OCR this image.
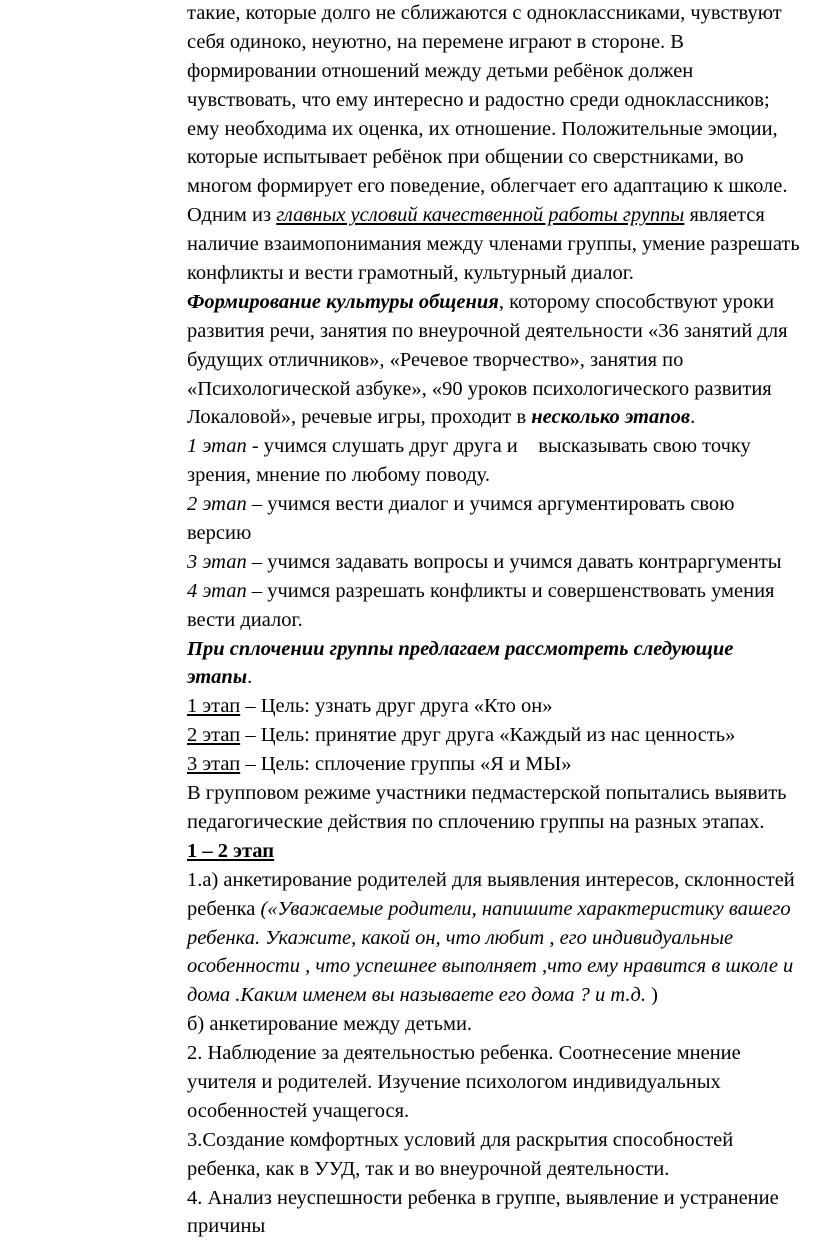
такие, которые долго не сближаются с одноклассниками, чувствуют
себя одиноко, неуютно, на перемене играют в стороне. В
формировании отношений между детьми ребёнок должен
чувствовать, что ему интересно и радостно среди одноклассников;
ему необходима их оценка, их отношение. Положительные эмоции,
которые испытывает ребёнок при общении со сверстниками, во
многом формирует его поведение, облегчает его адаптацию к школе.
Одним из главных условий качественной работы группы является
наличие взаимопонимания между членами группы, умение разрешать
конфликты и вести грамотный, культурный диалог.
Формирование культуры общения, которому способствуют уроки
развития речи, занятия по внеурочной деятельности «36 занятий для
будущих отличников», «Речевое творчество», занятия по
«Психологической азбуке», «90 уроков психологического развития
Локаловой», речевые игры, проходит в несколько этапов.
1 этап - учимся слушать друг друга и    высказывать свою точку
зрения, мнение по любому поводу.
2 этап – учимся вести диалог и учимся аргументировать свою
версию
3 этап – учимся задавать вопросы и учимся давать контраргументы
4 этап – учимся разрешать конфликты и совершенствовать умения
вести диалог.
При сплочении группы предлагаем рассмотреть следующие
этапы.
1 этап – Цель: узнать друг друга «Кто он»
2 этап – Цель: принятие друг друга «Каждый из нас ценность»
3 этап – Цель: сплочение группы «Я и МЫ»
В групповом режиме участники педмастерской попытались выявить
педагогические действия по сплочению группы на разных этапах.
1 – 2 этап
1.а) анкетирование родителей для выявления интересов, склонностей
ребенка («Уважаемые родители, напишите характеристику вашего
ребенка. Укажите, какой он, что любит , его индивидуальные
особенности , что успешнее выполняет ,что ему нравится в школе и
дома .Каким именем вы называете его дома ? и т.д. )
б) анкетирование между детьми.
2. Наблюдение за деятельностью ребенка. Соотнесение мнение
учителя и родителей. Изучение психологом индивидуальных
особенностей учащегося.
3.Создание комфортных условий для раскрытия способностей
ребенка, как в УУД, так и во внеурочной деятельности.
4. Анализ неуспешности ребенка в группе, выявление и устранение
причины
